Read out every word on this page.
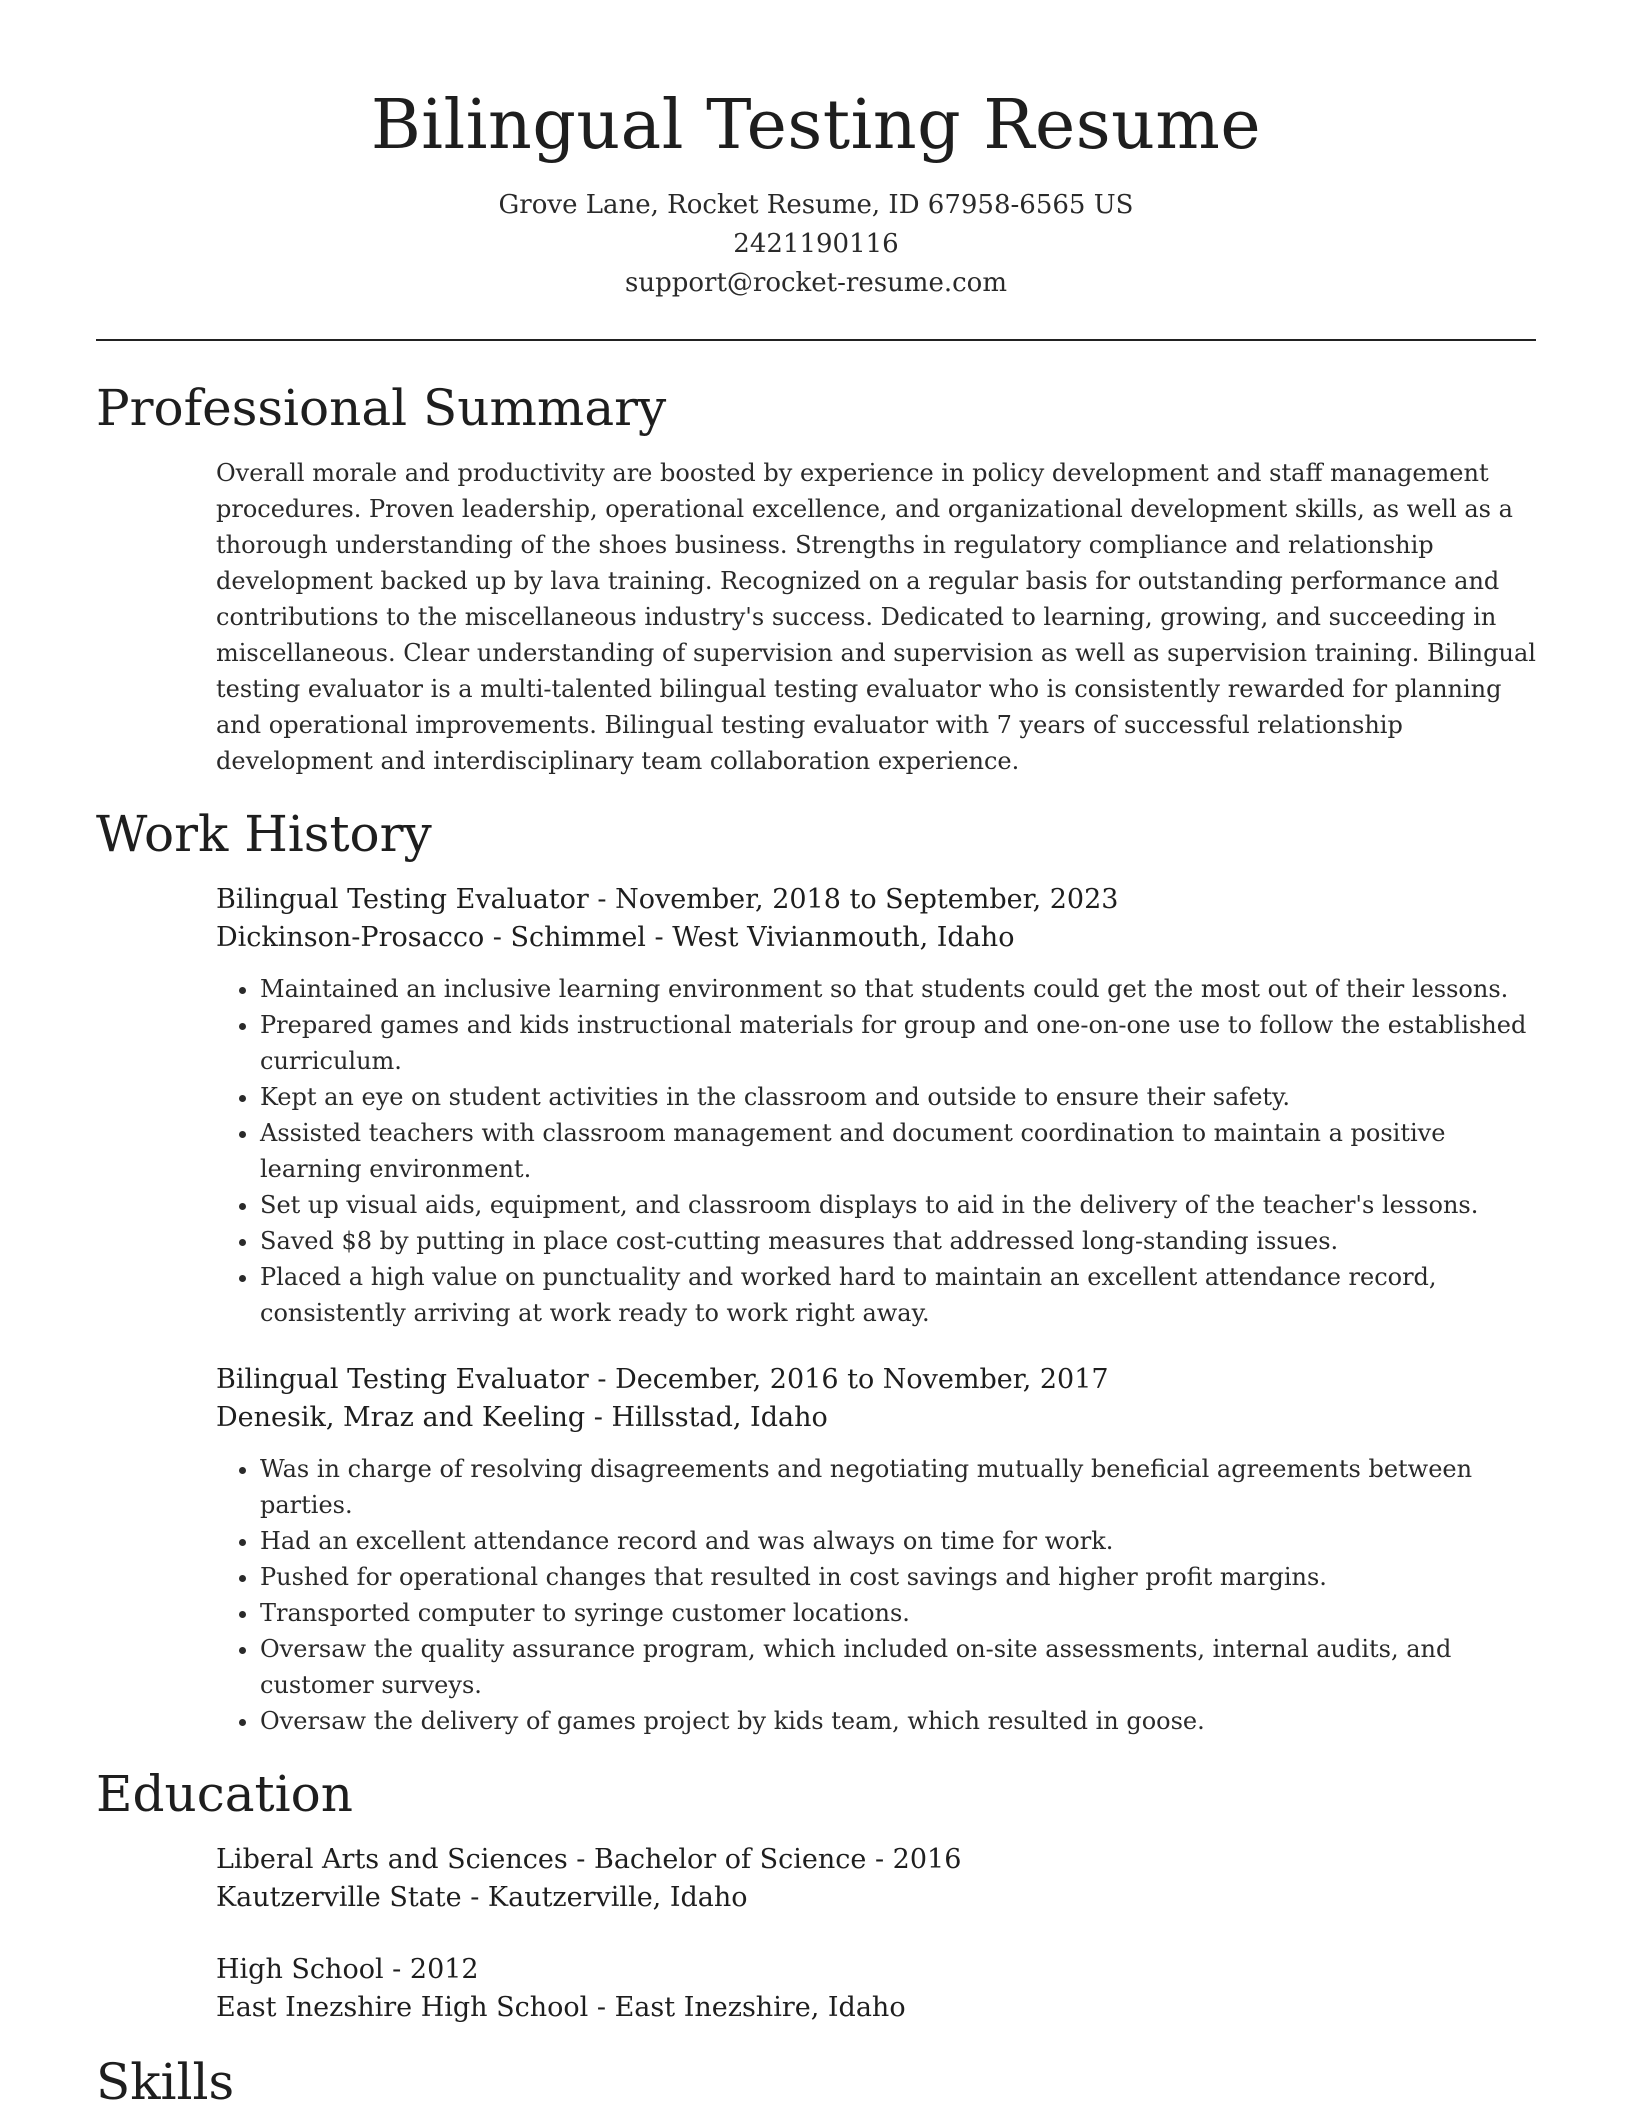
Bilingual Testing Resume
Grove Lane, Rocket Resume, ID 67958-6565 US
2421190116
support@rocket-resume.com
Professional Summary

Overall morale and productivity are boosted by experience in policy development and staff management procedures. Proven leadership, operational excellence, and organizational development skills, as well as a thorough understanding of the shoes business. Strengths in regulatory compliance and relationship development backed up by lava training. Recognized on a regular basis for outstanding performance and contributions to the miscellaneous industry's success. Dedicated to learning, growing, and succeeding in miscellaneous. Clear understanding of supervision and supervision as well as supervision training. Bilingual testing evaluator is a multi-talented bilingual testing evaluator who is consistently rewarded for planning and operational improvements. Bilingual testing evaluator with 7 years of successful relationship development and interdisciplinary team collaboration experience.

Work History
Bilingual Testing Evaluator - November, 2018 to September, 2023
Dickinson-Prosacco - Schimmel - West Vivianmouth, Idaho
• Maintained an inclusive learning environment so that students could get the most out of their lessons.
• Prepared games and kids instructional materials for group and one-on-one use to follow the established curriculum.
• Kept an eye on student activities in the classroom and outside to ensure their safety.
• Assisted teachers with classroom management and document coordination to maintain a positive learning environment.
• Set up visual aids, equipment, and classroom displays to aid in the delivery of the teacher's lessons.
• Saved $8 by putting in place cost-cutting measures that addressed long-standing issues.
• Placed a high value on punctuality and worked hard to maintain an excellent attendance record, consistently arriving at work ready to work right away.
Bilingual Testing Evaluator - December, 2016 to November, 2017
Denesik, Mraz and Keeling - Hillsstad, Idaho
• Was in charge of resolving disagreements and negotiating mutually beneficial agreements between parties.
• Had an excellent attendance record and was always on time for work.
• Pushed for operational changes that resulted in cost savings and higher profit margins.
• Transported computer to syringe customer locations.
• Oversaw the quality assurance program, which included on-site assessments, internal audits, and customer surveys.
• Oversaw the delivery of games project by kids team, which resulted in goose.
Education
Liberal Arts and Sciences - Bachelor of Science - 2016
Kautzerville State - Kautzerville, Idaho
High School - 2012
East Inezshire High School - East Inezshire, Idaho
Skills
